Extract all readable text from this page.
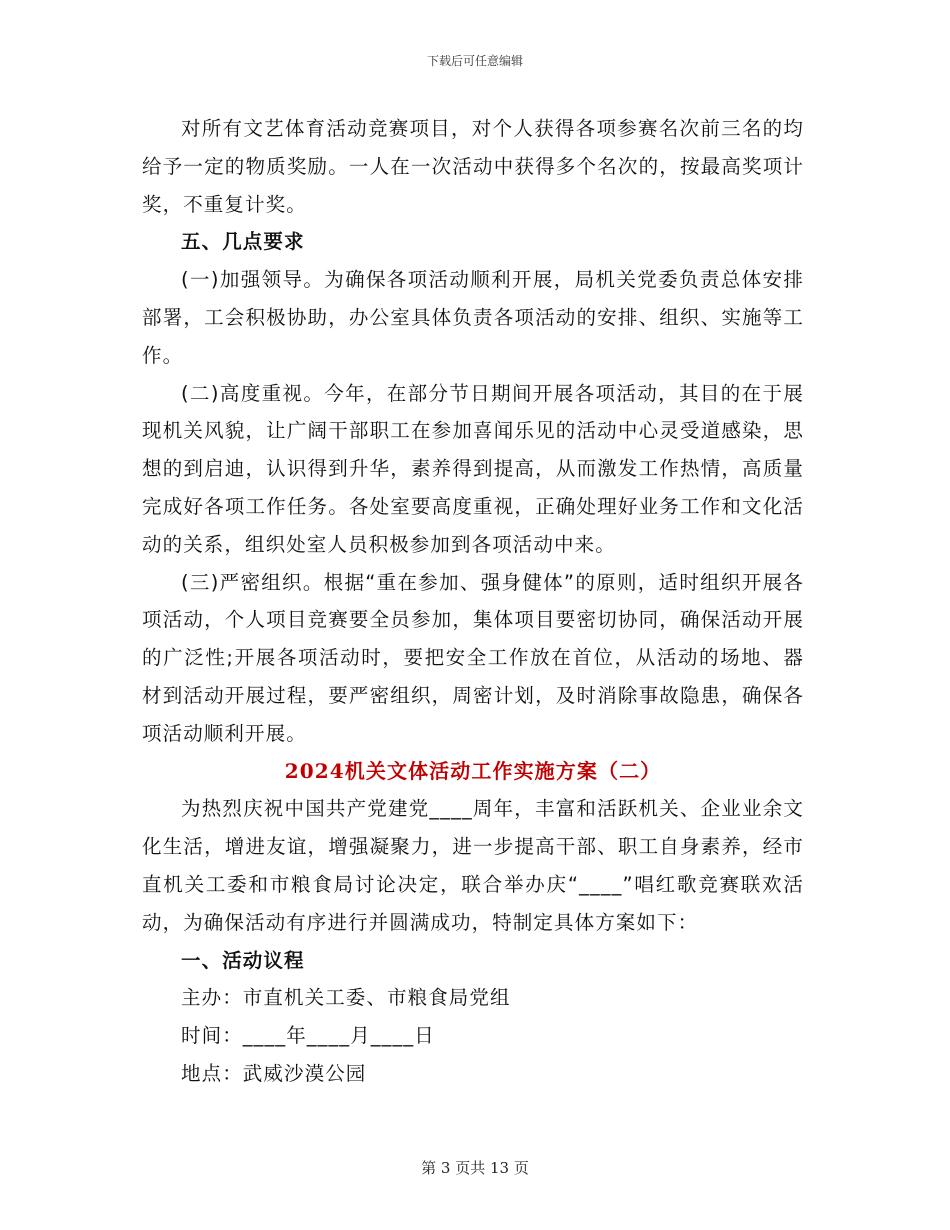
下载后可任意编辑

对所有文艺体育活动竞赛项目，对个人获得各项参赛名次前三名的均给予一定的物质奖励。一人在一次活动中获得多个名次的，按最高奖项计奖，不重复计奖。

五、几点要求

(一)加强领导。为确保各项活动顺利开展，局机关党委负责总体安排部署，工会积极协助，办公室具体负责各项活动的安排、组织、实施等工作。

(二)高度重视。今年，在部分节日期间开展各项活动，其目的在于展现机关风貌，让广阔干部职工在参加喜闻乐见的活动中心灵受道感染，思想的到启迪，认识得到升华，素养得到提高，从而激发工作热情，高质量完成好各项工作任务。各处室要高度重视，正确处理好业务工作和文化活动的关系，组织处室人员积极参加到各项活动中来。

(三)严密组织。根据“重在参加、强身健体”的原则，适时组织开展各项活动，个人项目竞赛要全员参加，集体项目要密切协同，确保活动开展的广泛性;开展各项活动时，要把安全工作放在首位，从活动的场地、器材到活动开展过程，要严密组织，周密计划，及时消除事故隐患，确保各项活动顺利开展。

2024机关文体活动工作实施方案（二）

为热烈庆祝中国共产党建党____周年，丰富和活跃机关、企业业余文化生活，增进友谊，增强凝聚力，进一步提高干部、职工自身素养，经市直机关工委和市粮食局讨论决定，联合举办庆“____”唱红歌竞赛联欢活动，为确保活动有序进行并圆满成功，特制定具体方案如下：

一、活动议程

主办：市直机关工委、市粮食局党组

时间：____年____月____日

地点：武威沙漠公园

第 3 页共 13 页
